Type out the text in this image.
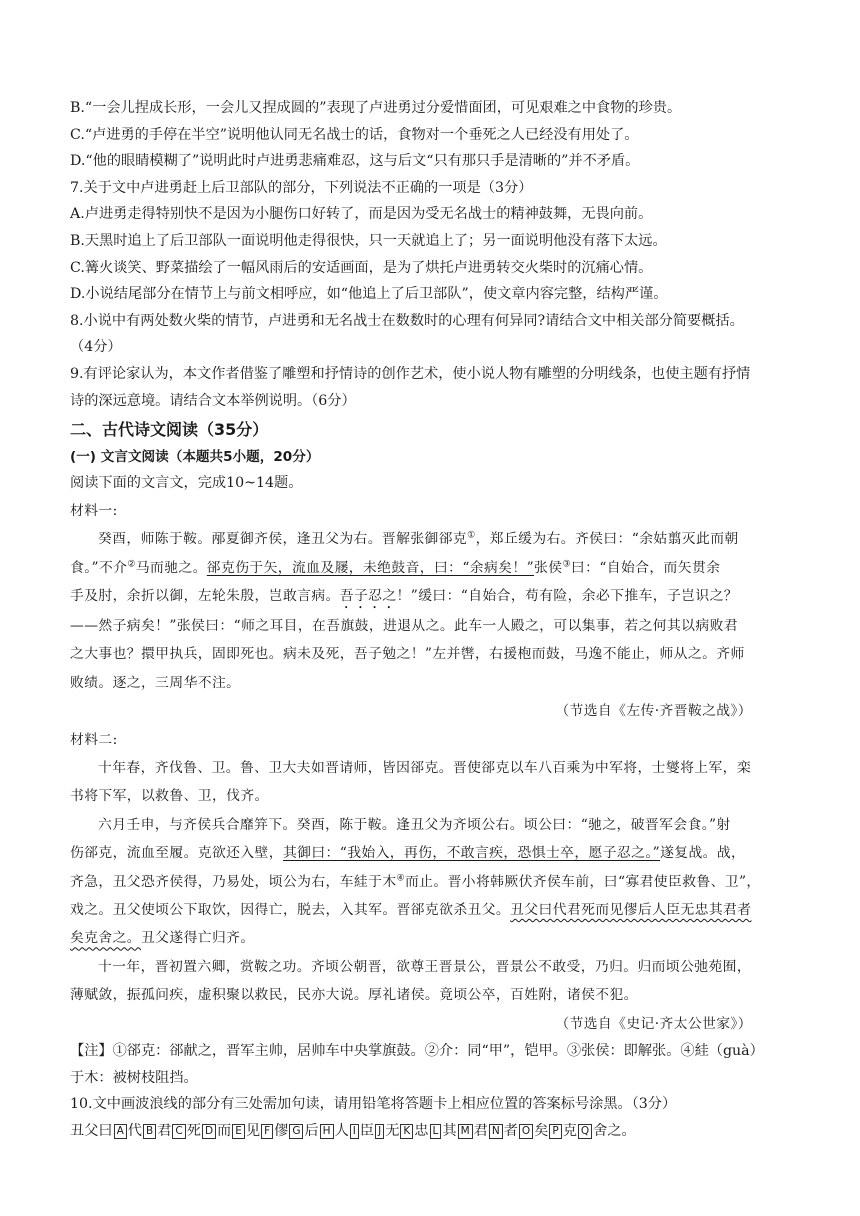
B.“一会儿捏成长形，一会儿又捏成圆的”表现了卢进勇过分爱惜面团，可见艰难之中食物的珍贵。
C.“卢进勇的手停在半空”说明他认同无名战士的话，食物对一个垂死之人已经没有用处了。
D.“他的眼睛模糊了”说明此时卢进勇悲痛难忍，这与后文“只有那只手是清晰的”并不矛盾。
7.关于文中卢进勇赶上后卫部队的部分，下列说法不正确的一项是（3分）
A.卢进勇走得特别快不是因为小腿伤口好转了，而是因为受无名战士的精神鼓舞，无畏向前。
B.天黑时追上了后卫部队一面说明他走得很快，只一天就追上了；另一面说明他没有落下太远。
C.篝火谈笑、野菜描绘了一幅风雨后的安适画面，是为了烘托卢进勇转交火柴时的沉痛心情。
D.小说结尾部分在情节上与前文相呼应，如“他追上了后卫部队”，使文章内容完整，结构严谨。
8.小说中有两处数火柴的情节，卢进勇和无名战士在数数时的心理有何异同?请结合文中相关部分简要概括。
（4分）
9.有评论家认为，本文作者借鉴了雕塑和抒情诗的创作艺术，使小说人物有雕塑的分明线条，也使主题有抒情
诗的深远意境。请结合文本举例说明。（6分）
二、古代诗文阅读（35分）
(一) 文言文阅读（本题共5小题，20分）
阅读下面的文言文，完成10~14题。
材料一:
癸酉，师陈于鞍。邴夏御齐侯，逢丑父为右。晋解张御郤克①，郑丘缓为右。齐侯曰：“余姑翦灭此而朝
食。”不介②马而驰之。郤克伤于矢，流血及屦，未绝鼓音，曰：“余病矣！”张侯③曰：“自始合，而矢贯余
手及肘，余折以御，左轮朱殷，岂敢言病。吾子忍之！”缓曰：“自始合，苟有险，余必下推车，子岂识之？
——然子病矣！”张侯曰：“师之耳目，在吾旗鼓，进退从之。此车一人殿之，可以集事，若之何其以病败君
之大事也？擐甲执兵，固即死也。病未及死，吾子勉之！”左并辔，右援枹而鼓，马逸不能止，师从之。齐师
败绩。逐之，三周华不注。
（节选自《左传·齐晋鞍之战》）
材料二:
十年春，齐伐鲁、卫。鲁、卫大夫如晋请师，皆因郤克。晋使郤克以车八百乘为中军将，士燮将上军，栾
书将下军，以救鲁、卫，伐齐。
六月壬申，与齐侯兵合靡笄下。癸酉，陈于鞍。逢丑父为齐顷公右。顷公曰：“驰之，破晋军会食。”射
伤郤克，流血至履。克欲还入壁，其御曰：“我始入，再伤，不敢言疾，恐惧士卒，愿子忍之。”遂复战。战，
齐急，丑父恐齐侯得，乃易处，顷公为右，车絓于木④而止。晋小将韩厥伏齐侯车前，曰“寡君使臣救鲁、卫”，
戏之。丑父使顷公下取饮，因得亡，脱去，入其军。晋郤克欲杀丑父。丑父曰代君死而见僇后人臣无忠其君者
矣克舍之。丑父遂得亡归齐。
十一年，晋初置六卿，赏鞍之功。齐顷公朝晋，欲尊王晋景公，晋景公不敢受，乃归。归而顷公弛苑囿，
薄赋敛，振孤问疾，虚积聚以救民，民亦大说。厚礼诸侯。竟顷公卒，百姓附，诸侯不犯。
（节选自《史记·齐太公世家》）
【注】①郤克：郤献之，晋军主帅，居帅车中央掌旗鼓。②介：同“甲”，铠甲。③张侯：即解张。④絓（guà）
于木：被树枝阻挡。
10.文中画波浪线的部分有三处需加句读，请用铅笔将答题卡上相应位置的答案标号涂黑。（3分）
丑父曰 A 代 B 君 C 死 D 而 E 见 F 僇 G 后 H 人 I 臣 J 无 K 忠 L 其 M 君 N 者 O 矣 P 克 Q 舍之。
